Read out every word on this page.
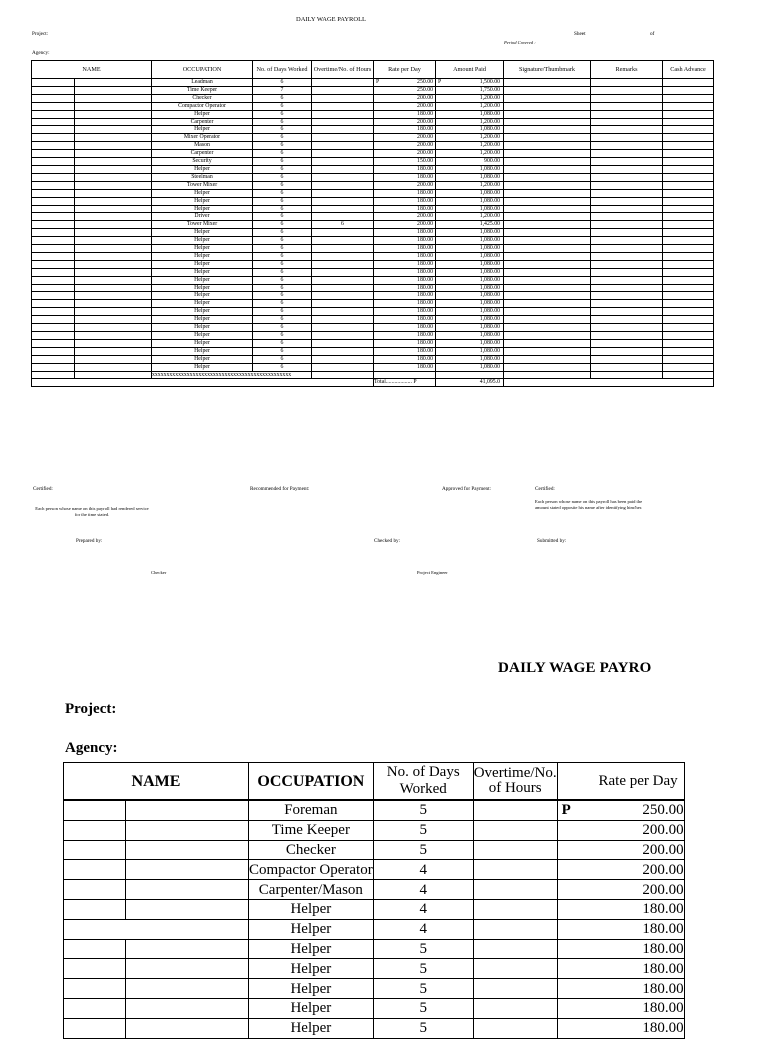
DAILY WAGE PAYROLL
Project:
Agency:
Sheet	of
Period Covered :
NAME		OCCUPATION	No. of Days Worked	Overtime/No. of Hours	Rate per Day	Amount Paid	Signature/Thumbmark	Remarks	Cash Advance
		Leadman	6		P 250.00	P 1,500.00			
		Time Keeper	7		250.00	1,750.00			
		Checker	6		200.00	1,200.00			
		Compactor Operator	6		200.00	1,200.00			
		Helper	6		180.00	1,080.00			
		Carpenter	6		200.00	1,200.00			
		Helper	6		180.00	1,080.00			
		Mixer Operator	6		200.00	1,200.00			
		Mason	6		200.00	1,200.00			
		Carpenter	6		200.00	1,200.00			
		Security	6		150.00	900.00			
		Helper	6		180.00	1,080.00			
		Steelman	6		180.00	1,080.00			
		Tower Mixer	6		200.00	1,200.00			
		Helper	6		180.00	1,080.00			
		Helper	6		180.00	1,080.00			
		Helper	6		180.00	1,080.00			
		Driver	6		200.00	1,200.00			
		Tower Mixer	6	6	200.00	1,425.00			
		Helper	6		180.00	1,080.00			
		Helper	6		180.00	1,080.00			
		Helper	6		180.00	1,080.00			
		Helper	6		180.00	1,080.00			
		Helper	6		180.00	1,080.00			
		Helper	6		180.00	1,080.00			
		Helper	6		180.00	1,080.00			
		Helper	6		180.00	1,080.00			
		Helper	6		180.00	1,080.00			
		Helper	6		180.00	1,080.00			
		Helper	6		180.00	1,080.00			
		Helper	6		180.00	1,080.00			
		Helper	6		180.00	1,080.00			
		Helper	6		180.00	1,080.00			
		Helper	6		180.00	1,080.00			
		Helper	6		180.00	1,080.00			
		Helper	6		180.00	1,080.00			
		Helper	6		180.00	1,080.00			
		xxxxxxxxxxxxxxxxxxxxxxxxxxxxxxxxxxxxxxxxxxxxxxxx							
					Total.................. P	41,095.0			
Certified:
Each person whose name on this payroll had rendered service for the time stated.
Recommended for Payment:	Approved for Payment:	Certified:
Each person whose name on this payroll has been paid the amount stated opposite his name after identifying him/her.
Prepared by:	Checked by:	Submitted by:
Checker	Project Engineer
DAILY WAGE PAYRO
Project:
Agency:
NAME		OCCUPATION	No. of Days Worked	Overtime/No. of Hours	Rate per Day
		Foreman	5		P 250.00
		Time Keeper	5		200.00
		Checker	5		200.00
		Compactor Operator	4		200.00
		Carpenter/Mason	4		200.00
		Helper	4		180.00
		Helper	4		180.00
		Helper	5		180.00
		Helper	5		180.00
		Helper	5		180.00
		Helper	5		180.00
		Helper	5		180.00
